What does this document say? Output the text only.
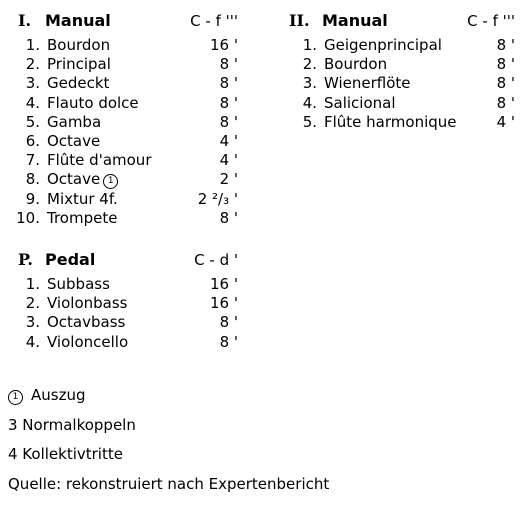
I. Manual	C - f '''
1. Bourdon	16 '
2. Principal	8 '
3. Gedeckt	8 '
4. Flauto dolce	8 '
5. Gamba	8 '
6. Octave	4 '
7. Flûte d'amour	4 '
8. Octave 1	2 '
9. Mixtur 4f.	2 ²/₃ '
10. Trompete	8 '
II. Manual	C - f '''
1. Geigenprincipal	8 '
2. Bourdon	8 '
3. Wienerflöte	8 '
4. Salicional	8 '
5. Flûte harmonique	4 '
P. Pedal	C - d '
1. Subbass	16 '
2. Violonbass	16 '
3. Octavbass	8 '
4. Violoncello	8 '
1 Auszug
3 Normalkoppeln
4 Kollektivtritte
Quelle: rekonstruiert nach Expertenbericht
